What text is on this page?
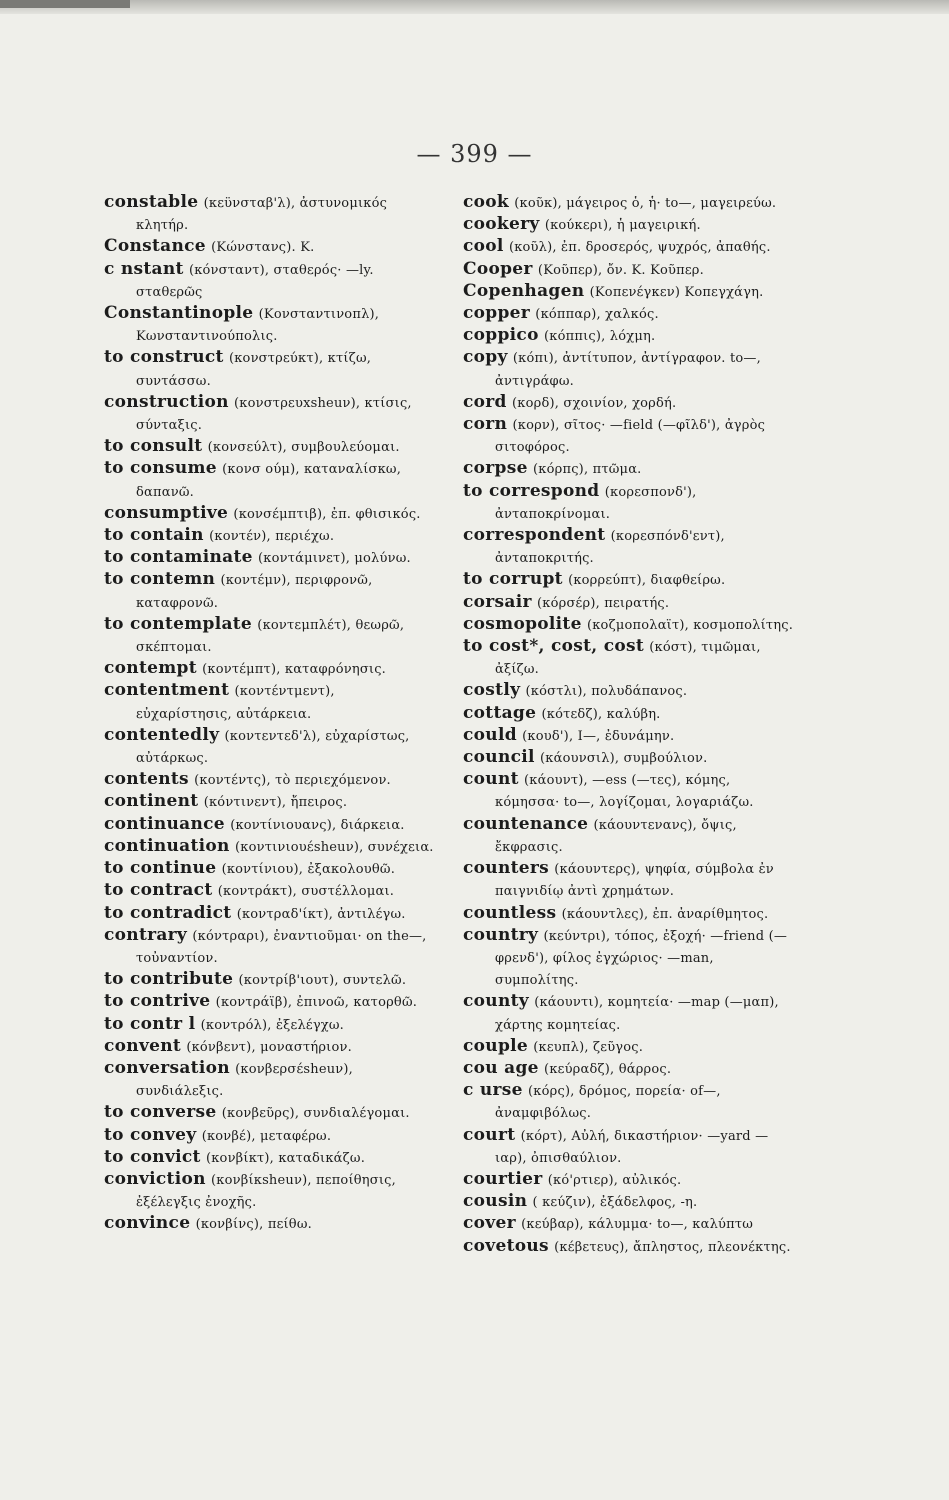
— 399 —

constable (κεϋνσταβ'λ), ἀστυνομικός κλητήρ.

Constance (Κώνστανς). K.

c nstant (κόνσταντ), σταθερός· —ly. σταθερῶς

Constantinople (Κονσταντινοπλ), Κωνσταντινούπολις.

to construct (κονστρεύκτ), κτίζω, συντάσσω.

construction (κονστρευxsheuν), κτίσις, σύνταξις.

to consult (κονσεύλτ), συμβουλεύομαι.

to consume (κονσ ούμ), καταναλίσκω, δαπανῶ.

consumptive (κονσέμπτιβ), ἐπ. φθισικός.

to contain (κοντέν), περιέχω.

to contaminate (κοντάμινετ), μολύνω.

to contemn (κοντέμν), περιφρονῶ, καταφρονῶ.

to contemplate (κοντεμπλέτ), θεωρῶ, σκέπτομαι.

contempt (κοντέμπτ), καταφρόνησις.

contentment (κοντέντμεντ), εὐχαρίστησις, αὐτάρκεια.

contentedly (κοντεντεδ'λ), εὐχαρίστως, αὐτάρκως.

contents (κοντέντς), τὸ περιεχόμενον.

continent (κόντινεντ), ἤπειρος.

continuance (κοντίνιουανς), διάρκεια.

continuation (κοντινιουέsheuν), συνέχεια.

to continue (κοντίνιου), ἐξακολουθῶ.

to contract (κοντράκτ), συστέλλομαι.

to contradict (κοντραδ'ίκτ), ἀντιλέγω.

contrary (κόντραρι), ἐναντιοῦμαι· on the—, τοὐναντίον.

to contribute (κοντρίβ'ιουτ), συντελῶ.

to contrive (κοντράϊβ), ἐπινοῶ, κατορθῶ.

to contr l (κοντρόλ), ἐξελέγχω.

convent (κόνβεντ), μοναστήριον.

conversation (κονβερσέsheuν), συνδιάλεξις.

to converse (κονβεῦρς), συνδιαλέγομαι.

to convey (κονβέ), μεταφέρω.

to convict (κονβίκτ), καταδικάζω.

conviction (κονβίκsheuν), πεποίθησις, ἐξέλεγξις ἐνοχῆς.

convince (κονβίνς), πείθω.

cook (κοῦκ), μάγειρος ὁ, ἡ· to—, μαγειρεύω.

cookery (κούκερι), ἡ μαγειρική.

cool (κοῦλ), ἐπ. δροσερός, ψυχρός, ἀπαθής.

Cooper (Κοῦπερ), ὄν. K. Κοῦπερ.

Copenhagen (Κοπενέγκεν) Κοπεγχάγη.

copper (κόππαρ), χαλκός.

coppico (κόππις), λόχμη.

copy (κόπι), ἀντίτυπον, ἀντίγραφον. to—, ἀντιγράφω.

cord (κορδ), σχοινίον, χορδή.

corn (κορν), σῖτος· —field (—φῖλδ'), ἀγρὸς σιτοφόρος.

corpse (κόρπς), πτῶμα.

to correspond (κορεσπονδ'), ἀνταποκρίνομαι.

correspondent (κορεσπόνδ'εντ), ἀνταποκριτής.

to corrupt (κορρεύπτ), διαφθείρω.

corsair (κόρσέρ), πειρατής.

cosmopolite (κοζμοπολαϊτ), κοσμοπολίτης.

to cost*, cost, cost (κόστ), τιμῶμαι, ἀξίζω.

costly (κόστλι), πολυδάπανος.

cottage (κότεδζ), καλύβη.

could (κουδ'), I—, ἐδυνάμην.

council (κάουνσιλ), συμβούλιον.

count (κάουντ), —ess (—τες), κόμης, κόμησσα· to—, λογίζομαι, λογαριάζω.

countenance (κάουντενανς), ὄψις, ἔκφρασις.

counters (κάουντερς), ψηφία, σύμβολα ἐν παιγνιδίῳ ἀντὶ χρημάτων.

countless (κάουντλες), ἐπ. ἀναρίθμητος.

country (κεύντρι), τόπος, ἐξοχή· —friend (—φρενδ'), φίλος ἐγχώριος· —man, συμπολίτης.

county (κάουντι), κομητεία· —map (—μαπ), χάρτης κομητείας.

couple (κευπλ), ζεῦγος.

cou age (κεύραδζ), θάρρος.

c urse (κόρς), δρόμος, πορεία· of—, ἀναμφιβόλως.

court (κόρτ), Αὐλή, δικαστήριον· —yard — ιαρ), ὀπισθαύλιον.

courtier (κό'ρτιερ), αὐλικός.

cousin ( κεύζιν), ἐξάδελφος, -η.

cover (κεύβαρ), κάλυμμα· to—, καλύπτω

covetous (κέβετευς), ἄπληστος, πλεονέκτης.
